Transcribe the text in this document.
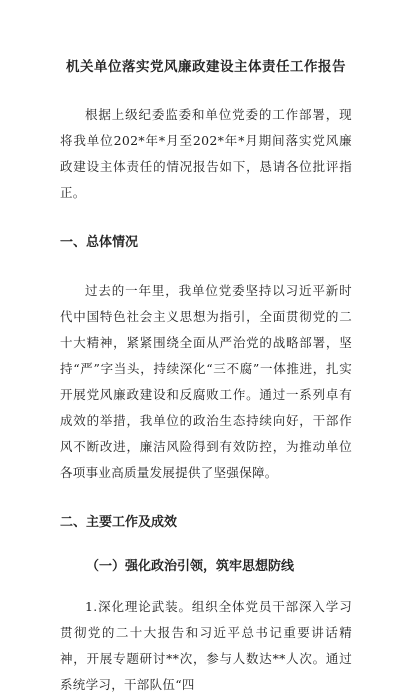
机关单位落实党风廉政建设主体责任工作报告

根据上级纪委监委和单位党委的工作部署，现将我单位202*年*月至202*年*月期间落实党风廉政建设主体责任的情况报告如下，恳请各位批评指正。

一、总体情况

过去的一年里，我单位党委坚持以习近平新时代中国特色社会主义思想为指引，全面贯彻党的二十大精神，紧紧围绕全面从严治党的战略部署，坚持“严”字当头，持续深化“三不腐”一体推进，扎实开展党风廉政建设和反腐败工作。通过一系列卓有成效的举措，我单位的政治生态持续向好，干部作风不断改进，廉洁风险得到有效防控，为推动单位各项事业高质量发展提供了坚强保障。

二、主要工作及成效
（一）强化政治引领，筑牢思想防线

1.深化理论武装。组织全体党员干部深入学习贯彻党的二十大报告和习近平总书记重要讲话精神，开展专题研讨**次，参与人数达**人次。通过系统学习，干部队伍“四
